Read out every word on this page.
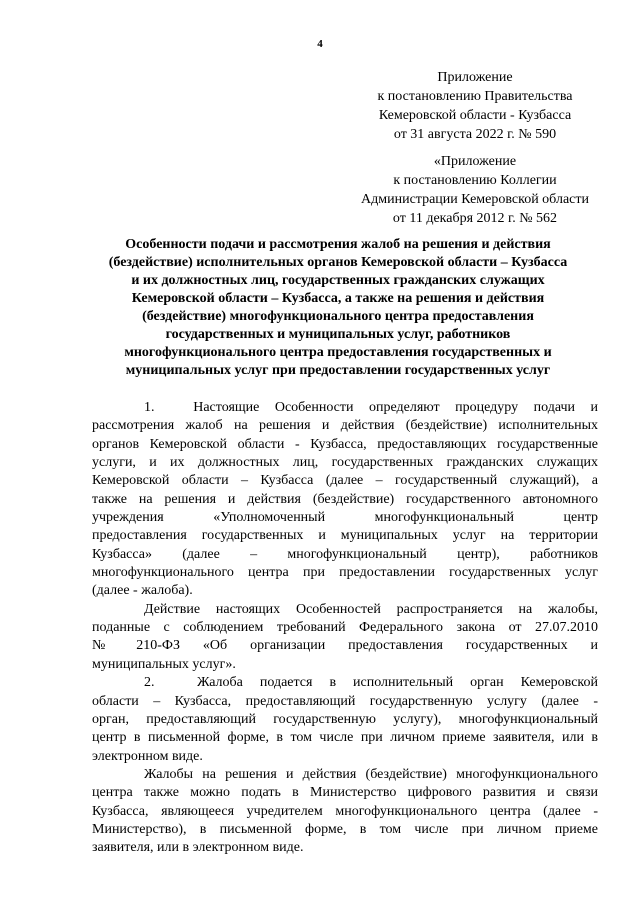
4
Приложение
к постановлению Правительства
Кемеровской области - Кузбасса
от 31 августа 2022 г. № 590
«Приложение
к постановлению Коллегии
Администрации Кемеровской области
от 11 декабря 2012 г. № 562
Особенности подачи и рассмотрения жалоб на решения и действия
(бездействие) исполнительных органов Кемеровской области – Кузбасса
и их должностных лиц, государственных гражданских служащих
Кемеровской области – Кузбасса, а также на решения и действия
(бездействие) многофункционального центра предоставления
государственных и муниципальных услуг, работников
многофункционального центра предоставления государственных и
муниципальных услуг при предоставлении государственных услуг
1.     Настоящие  Особенности  определяют  процедуру  подачи  и
рассмотрения жалоб на решения и действия (бездействие) исполнительных
органов Кемеровской области - Кузбасса, предоставляющих государственные
услуги, и их должностных лиц, государственных гражданских служащих
Кемеровской области – Кузбасса (далее – государственный служащий), а
также на решения и действия (бездействие) государственного автономного
учреждения  «Уполномоченный  многофункциональный  центр
предоставления государственных и муниципальных услуг на территории
Кузбасса»  (далее  –  многофункциональный  центр),  работников
многофункционального центра при предоставлении государственных услуг
(далее - жалоба).
Действие настоящих Особенностей распространяется на жалобы,
поданные с соблюдением требований Федерального закона от 27.07.2010
№  210-ФЗ  «Об  организации  предоставления  государственных  и
муниципальных услуг».
2.     Жалоба  подается  в  исполнительный  орган  Кемеровской
области – Кузбасса, предоставляющий государственную услугу (далее -
орган, предоставляющий государственную услугу), многофункциональный
центр в письменной форме, в том числе при личном приеме заявителя, или в
электронном виде.
Жалобы на решения и действия (бездействие) многофункционального
центра также можно подать в Министерство цифрового развития и связи
Кузбасса, являющееся учредителем многофункционального центра (далее -
Министерство), в письменной форме, в том числе при личном приеме
заявителя, или в электронном виде.
